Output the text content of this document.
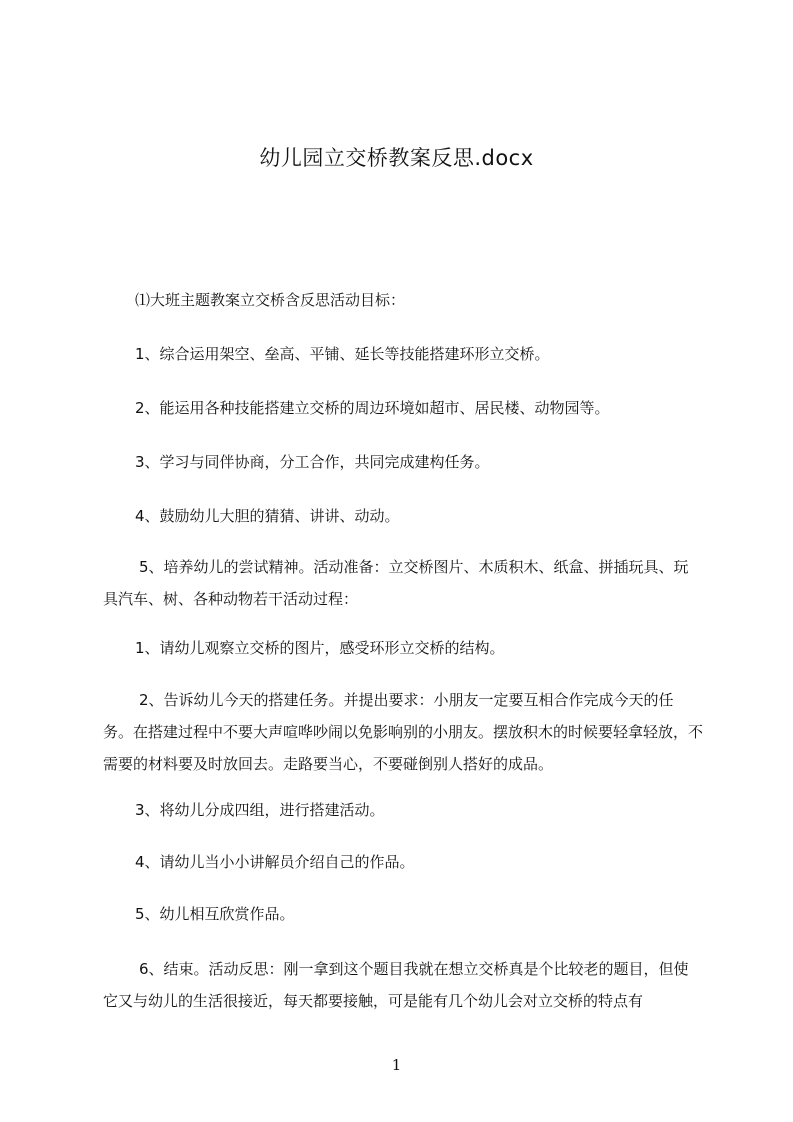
幼儿园立交桥教案反思.docx

⑴大班主题教案立交桥含反思活动目标：

1、综合运用架空、垒高、平铺、延长等技能搭建环形立交桥。

2、能运用各种技能搭建立交桥的周边环境如超市、居民楼、动物园等。

3、学习与同伴协商，分工合作，共同完成建构任务。

4、鼓励幼儿大胆的猜猜、讲讲、动动。

5、培养幼儿的尝试精神。活动准备：立交桥图片、木质积木、纸盒、拼插玩具、玩具汽车、树、各种动物若干活动过程：

1、请幼儿观察立交桥的图片，感受环形立交桥的结构。

2、告诉幼儿今天的搭建任务。并提出要求：小朋友一定要互相合作完成今天的任务。在搭建过程中不要大声喧哗吵闹以免影响别的小朋友。摆放积木的时候要轻拿轻放，不需要的材料要及时放回去。走路要当心，不要碰倒别人搭好的成品。

3、将幼儿分成四组，进行搭建活动。

4、请幼儿当小小讲解员介绍自己的作品。

5、幼儿相互欣赏作品。

6、结束。活动反思：刚一拿到这个题目我就在想立交桥真是个比较老的题目，但使它又与幼儿的生活很接近，每天都要接触，可是能有几个幼儿会对立交桥的特点有

1
